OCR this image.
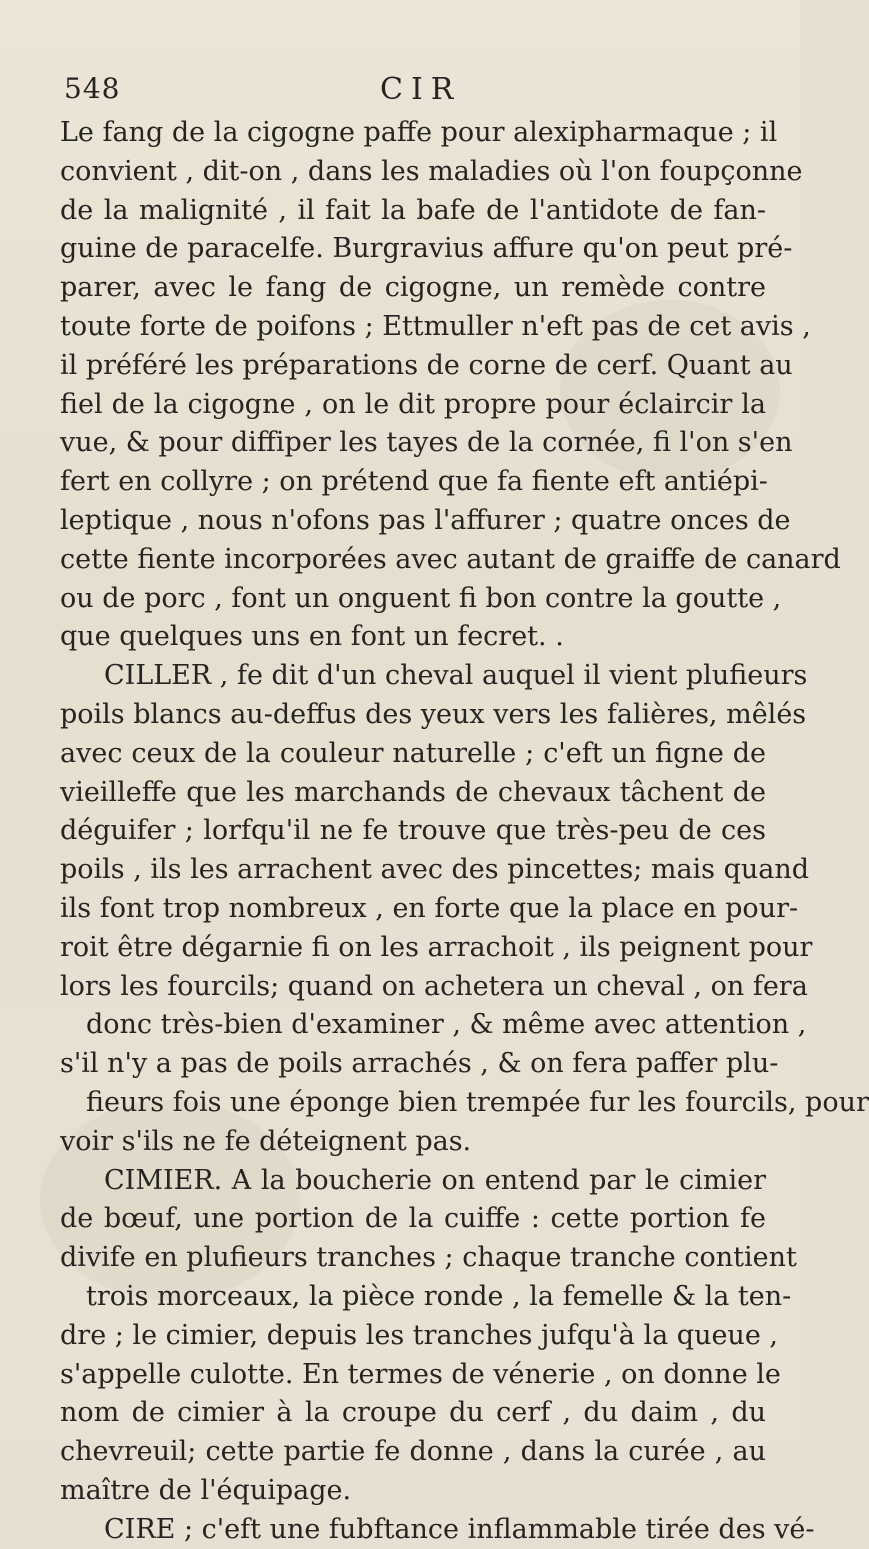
548	CIR
Le fang de la cigogne paffe pour alexipharmaque ; il
convient , dit-on , dans les maladies où l'on foupçonne
de la malignité , il fait la bafe de l'antidote de fan-
guine de paracelfe. Burgravius affure qu'on peut pré-
parer, avec le fang de cigogne, un remède contre
toute forte de poifons ; Ettmuller n'eft pas de cet avis ,
il préféré les préparations de corne de cerf. Quant au
fiel de la cigogne , on le dit propre pour éclaircir la
vue, & pour diffiper les tayes de la cornée, fi l'on s'en
fert en collyre ; on prétend que fa fiente eft antiépi-
leptique , nous n'ofons pas l'affurer ; quatre onces de
cette fiente incorporées avec autant de graiffe de canard
ou de porc , font un onguent fi bon contre la goutte ,
que quelques uns en font un fecret. .
CILLER , fe dit d'un cheval auquel il vient plufieurs
poils blancs au-deffus des yeux vers les falières, mêlés
avec ceux de la couleur naturelle ; c'eft un figne de
vieilleffe que les marchands de chevaux tâchent de
déguifer ; lorfqu'il ne fe trouve que très-peu de ces
poils , ils les arrachent avec des pincettes; mais quand
ils font trop nombreux , en forte que la place en pour-
roit être dégarnie fi on les arrachoit , ils peignent pour
lors les fourcils; quand on achetera un cheval , on fera
donc très-bien d'examiner , & même avec attention ,
s'il n'y a pas de poils arrachés , & on fera paffer plu-
fieurs fois une éponge bien trempée fur les fourcils, pour
voir s'ils ne fe déteignent pas.
CIMIER. A la boucherie on entend par le cimier
de bœuf, une portion de la cuiffe : cette portion fe
divife en plufieurs tranches ; chaque tranche contient
trois morceaux, la pièce ronde , la femelle & la ten-
dre ; le cimier, depuis les tranches jufqu'à la queue ,
s'appelle culotte. En termes de vénerie , on donne le
nom de cimier à la croupe du cerf , du daim , du
chevreuil; cette partie fe donne , dans la curée , au
maître de l'équipage.
CIRE ; c'eft une fubftance inflammable tirée des vé-
